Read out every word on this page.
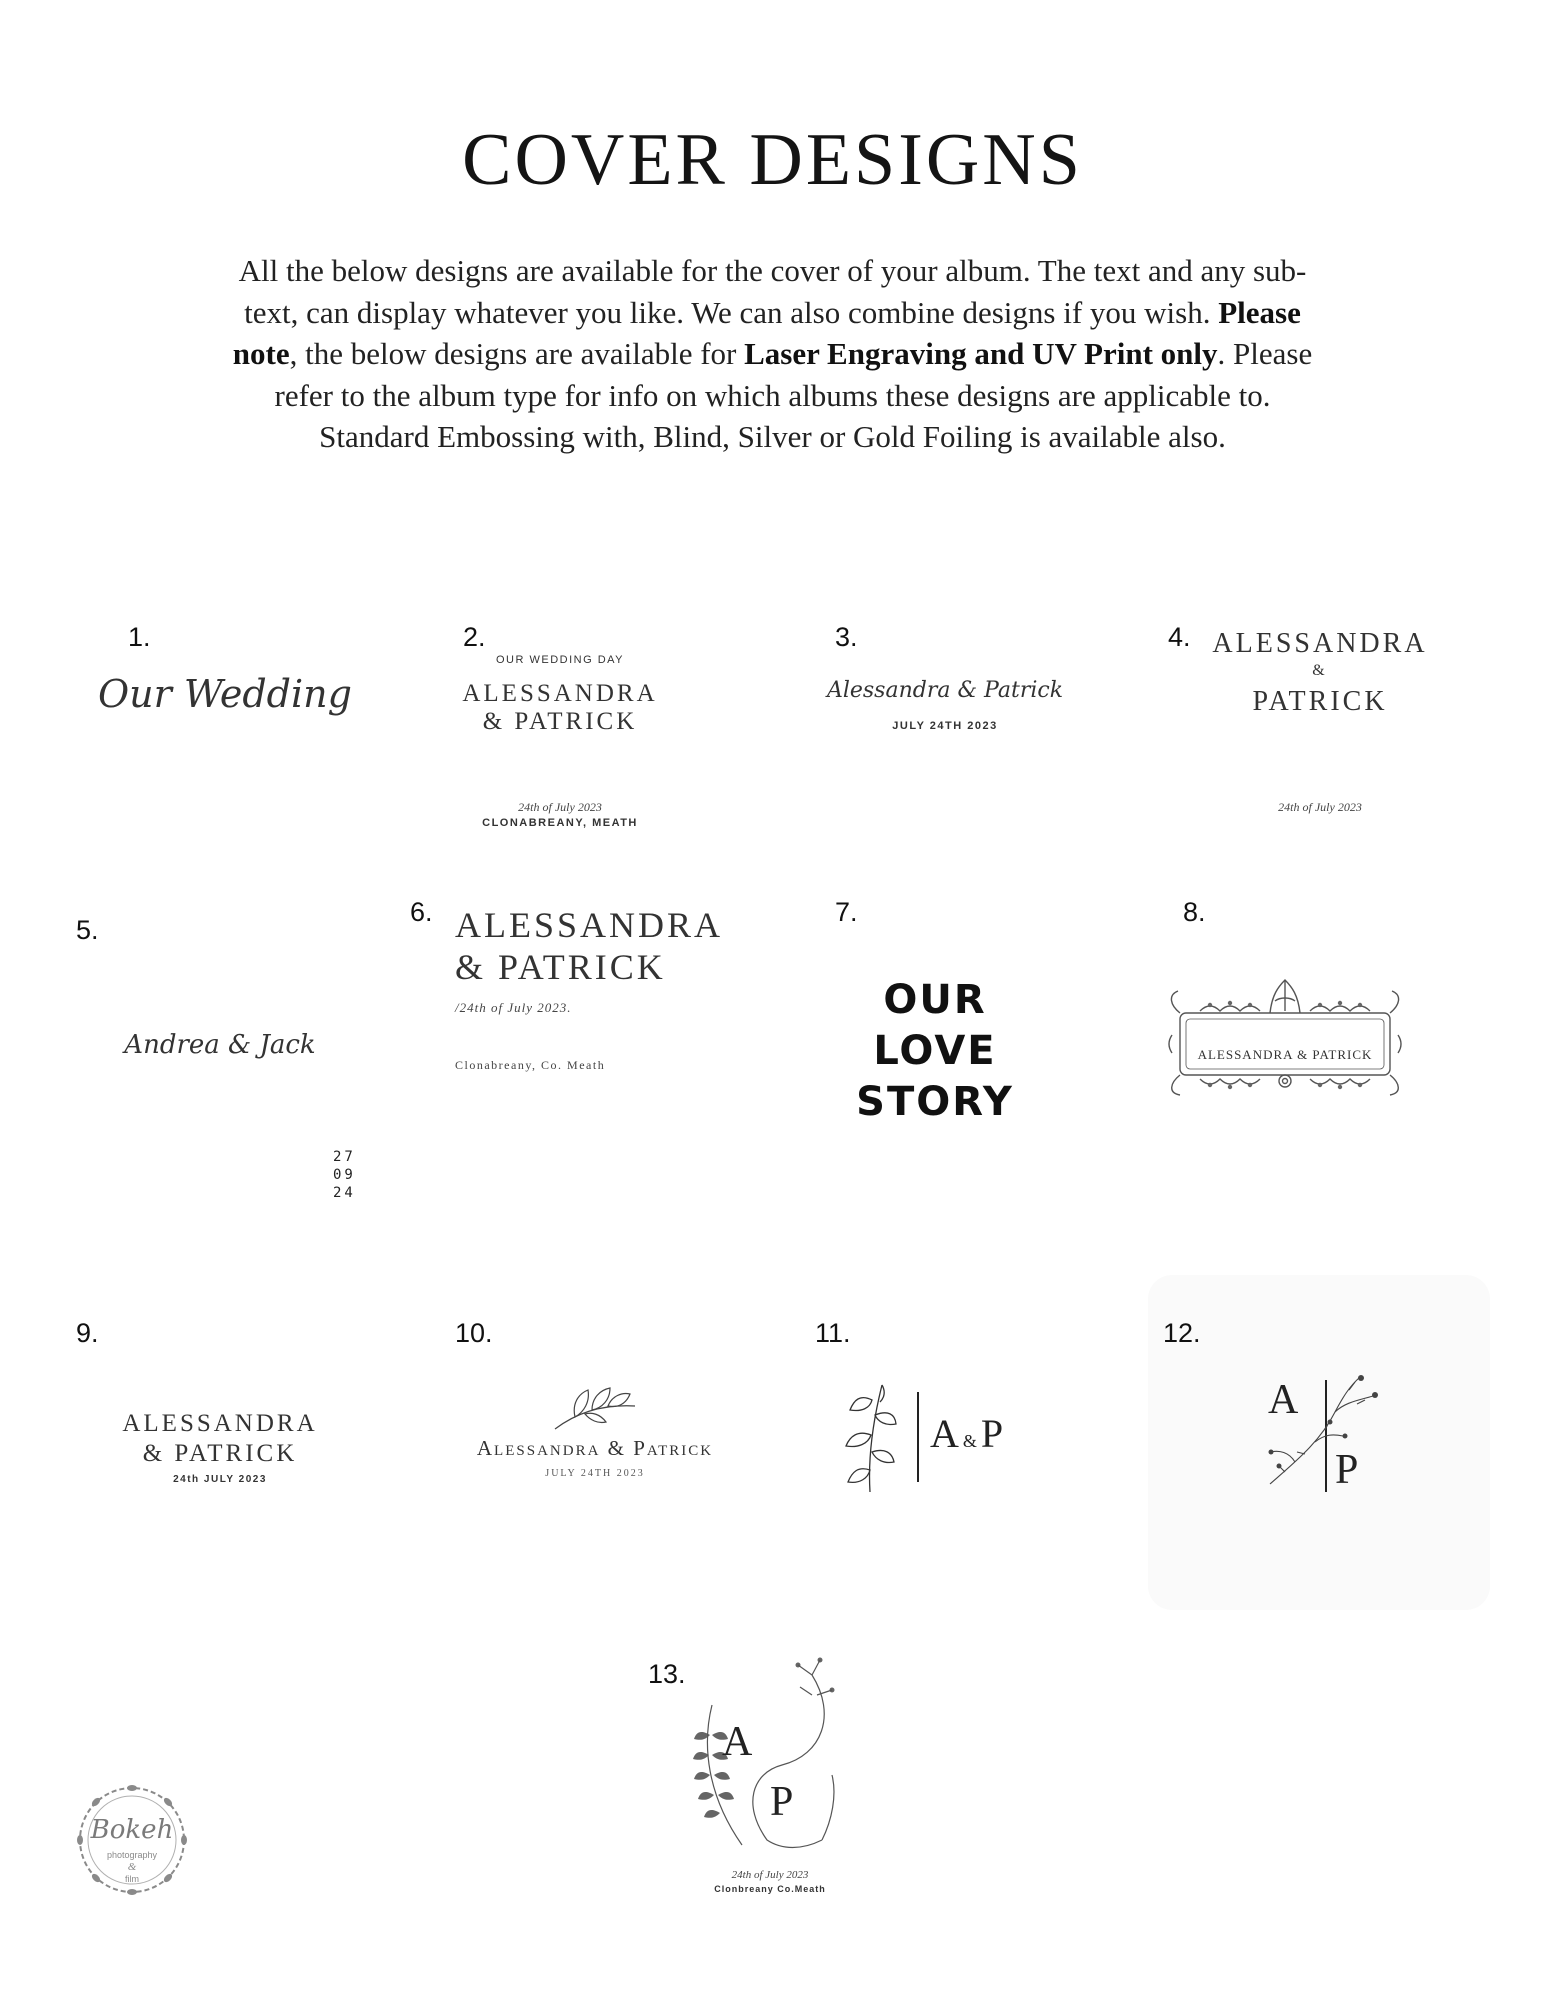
COVER DESIGNS
All the below designs are available for the cover of your album. The text and any sub-text, can display whatever you like. We can also combine designs if you wish. Please note, the below designs are available for Laser Engraving and UV Print only. Please refer to the album type for info on which albums these designs are applicable to.
Standard Embossing with, Blind, Silver or Gold Foiling is available also.
1.
Our Wedding
2.
OUR WEDDING DAY
ALESSANDRA
& PATRICK
24th of July 2023
CLONABREANY, MEATH
3.
Alessandra & Patrick
JULY 24TH 2023
4. ALESSANDRA
&
PATRICK
24th of July 2023
5.
Andrea & Jack
27
09
24
6. ALESSANDRA
& PATRICK
/24th of July 2023.
Clonabreany, Co. Meath
7.
OUR
LOVE
STORY
8.
ALESSANDRA & PATRICK
9.
ALESSANDRA
& PATRICK
24th JULY 2023
10.
Alessandra & Patrick
JULY 24TH 2023
11.
A & P
12.
A
P
13.
A
P
24th of July 2023
Clonbreany Co.Meath
Bokeh
photography
&
film
